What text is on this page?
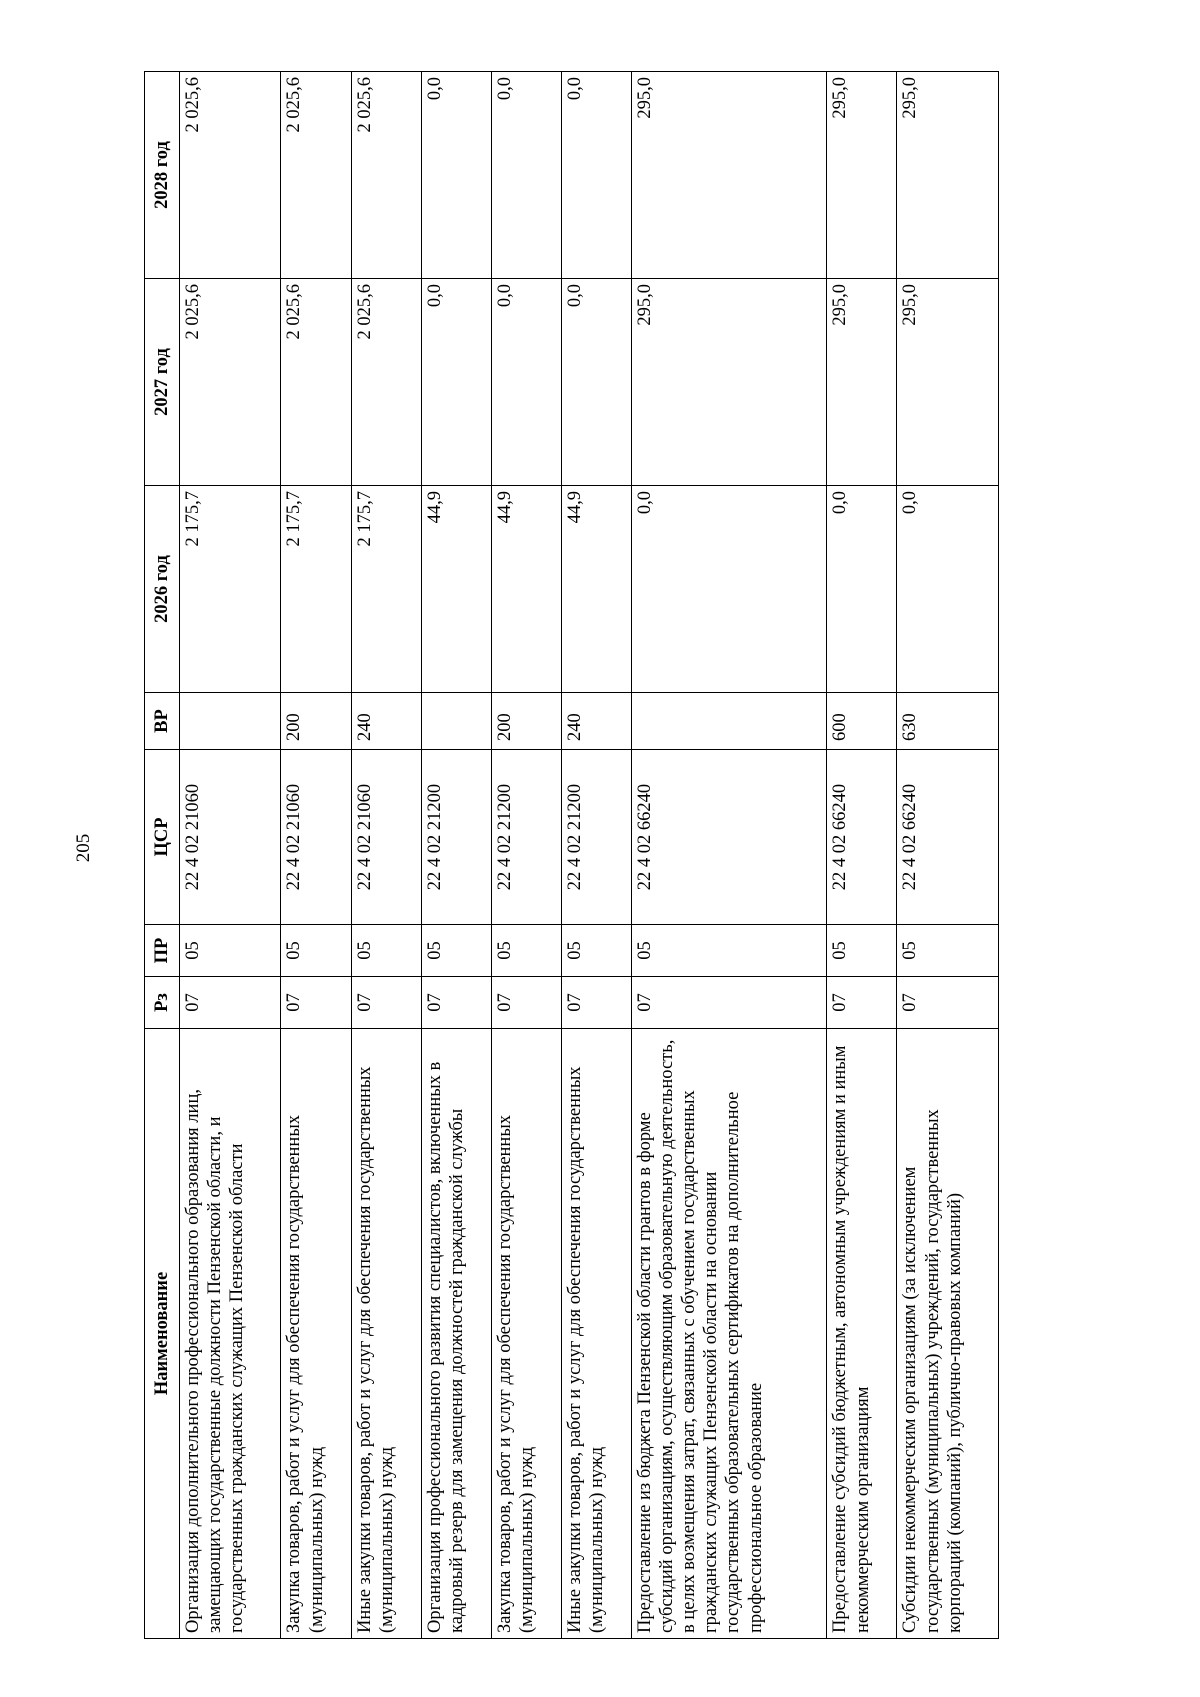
205
Наименование	Рз	ПР	ЦСР	ВР	2026 год	2027 год	2028 год
Организация дополнительного профессионального образования лиц, замещающих государственные должности Пензенской области, и государственных гражданских служащих Пензенской области	07	05	22 4 02 21060		2 175,7	2 025,6	2 025,6
Закупка товаров, работ и услуг для обеспечения государственных (муниципальных) нужд	07	05	22 4 02 21060	200	2 175,7	2 025,6	2 025,6
Иные закупки товаров, работ и услуг для обеспечения государственных (муниципальных) нужд	07	05	22 4 02 21060	240	2 175,7	2 025,6	2 025,6
Организация профессионального развития специалистов, включенных в кадровый резерв для замещения должностей гражданской службы	07	05	22 4 02 21200		44,9	0,0	0,0
Закупка товаров, работ и услуг для обеспечения государственных (муниципальных) нужд	07	05	22 4 02 21200	200	44,9	0,0	0,0
Иные закупки товаров, работ и услуг для обеспечения государственных (муниципальных) нужд	07	05	22 4 02 21200	240	44,9	0,0	0,0
Предоставление из бюджета Пензенской области грантов в форме субсидий организациям, осуществляющим образовательную деятельность, в целях возмещения затрат, связанных с обучением государственных гражданских служащих Пензенской области на основании государственных образовательных сертификатов на дополнительное профессиональное образование	07	05	22 4 02 66240		0,0	295,0	295,0
Предоставление субсидий бюджетным, автономным учреждениям и иным некоммерческим организациям	07	05	22 4 02 66240	600	0,0	295,0	295,0
Субсидии некоммерческим организациям (за исключением государственных (муниципальных) учреждений, государственных корпораций (компаний), публично-правовых компаний)	07	05	22 4 02 66240	630	0,0	295,0	295,0
